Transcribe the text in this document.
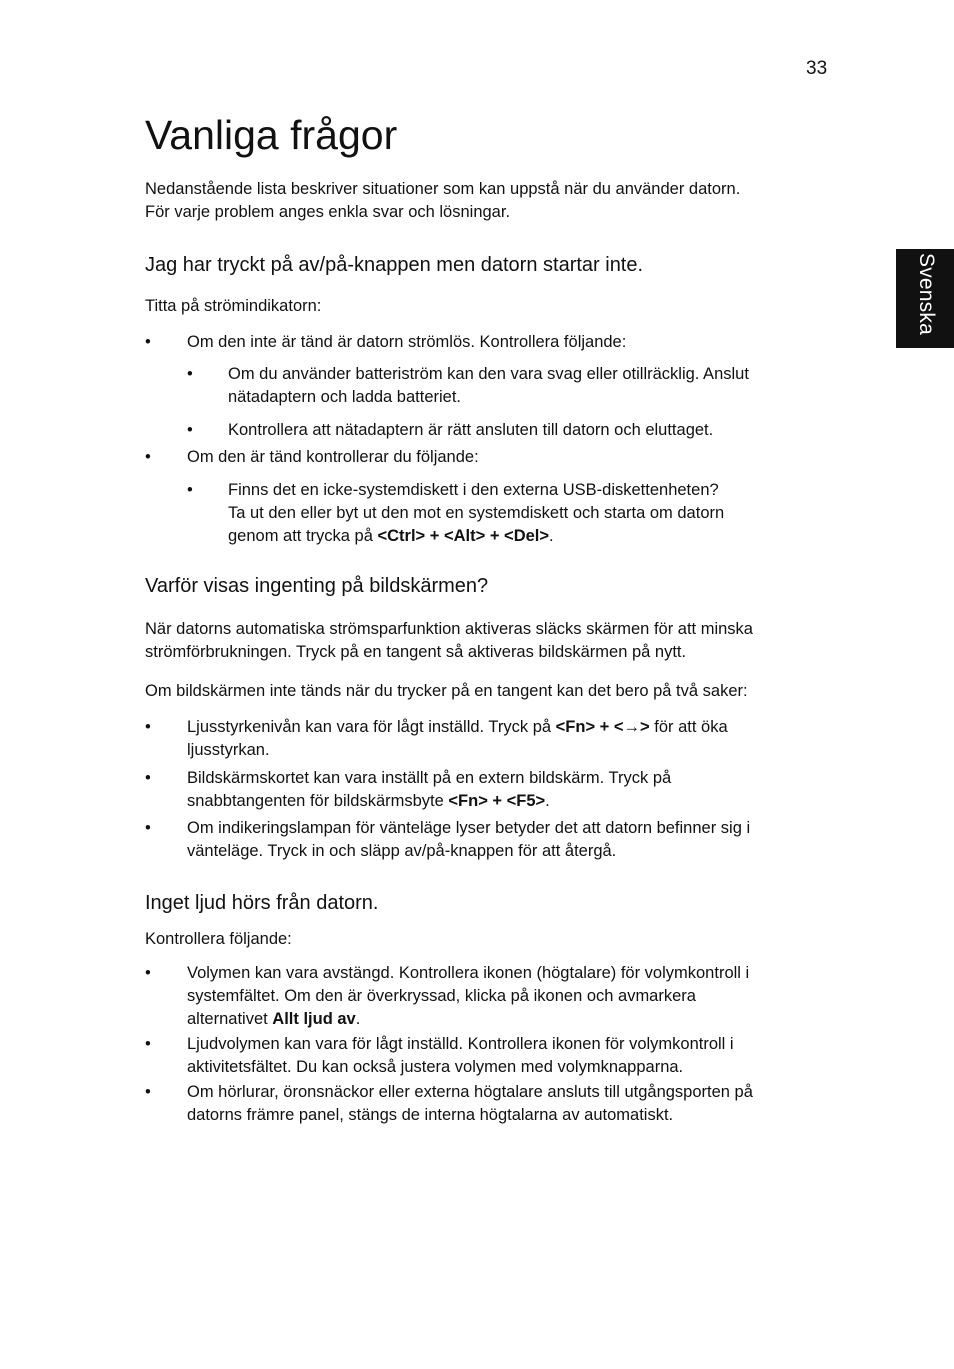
33
Svenska
Vanliga frågor
Nedanstående lista beskriver situationer som kan uppstå när du använder datorn.
För varje problem anges enkla svar och lösningar.
Jag har tryckt på av/på-knappen men datorn startar inte.
Titta på strömindikatorn:
• Om den inte är tänd är datorn strömlös. Kontrollera följande:
• Om du använder batteriström kan den vara svag eller otillräcklig. Anslut
nätadaptern och ladda batteriet.
• Kontrollera att nätadaptern är rätt ansluten till datorn och eluttaget.
• Om den är tänd kontrollerar du följande:
• Finns det en icke-systemdiskett i den externa USB-diskettenheten?
Ta ut den eller byt ut den mot en systemdiskett och starta om datorn
genom att trycka på <Ctrl> + <Alt> + <Del>.
Varför visas ingenting på bildskärmen?
När datorns automatiska strömsparfunktion aktiveras släcks skärmen för att minska
strömförbrukningen. Tryck på en tangent så aktiveras bildskärmen på nytt.
Om bildskärmen inte tänds när du trycker på en tangent kan det bero på två saker:
• Ljusstyrkenivån kan vara för lågt inställd. Tryck på <Fn> + <→> för att öka
ljusstyrkan.
• Bildskärmskortet kan vara inställt på en extern bildskärm. Tryck på
snabbtangenten för bildskärmsbyte <Fn> + <F5>.
• Om indikeringslampan för vänteläge lyser betyder det att datorn befinner sig i
vänteläge. Tryck in och släpp av/på-knappen för att återgå.
Inget ljud hörs från datorn.
Kontrollera följande:
• Volymen kan vara avstängd. Kontrollera ikonen (högtalare) för volymkontroll i
systemfältet. Om den är överkryssad, klicka på ikonen och avmarkera
alternativet Allt ljud av.
• Ljudvolymen kan vara för lågt inställd. Kontrollera ikonen för volymkontroll i
aktivitetsfältet. Du kan också justera volymen med volymknapparna.
• Om hörlurar, öronsnäckor eller externa högtalare ansluts till utgångsporten på
datorns främre panel, stängs de interna högtalarna av automatiskt.
